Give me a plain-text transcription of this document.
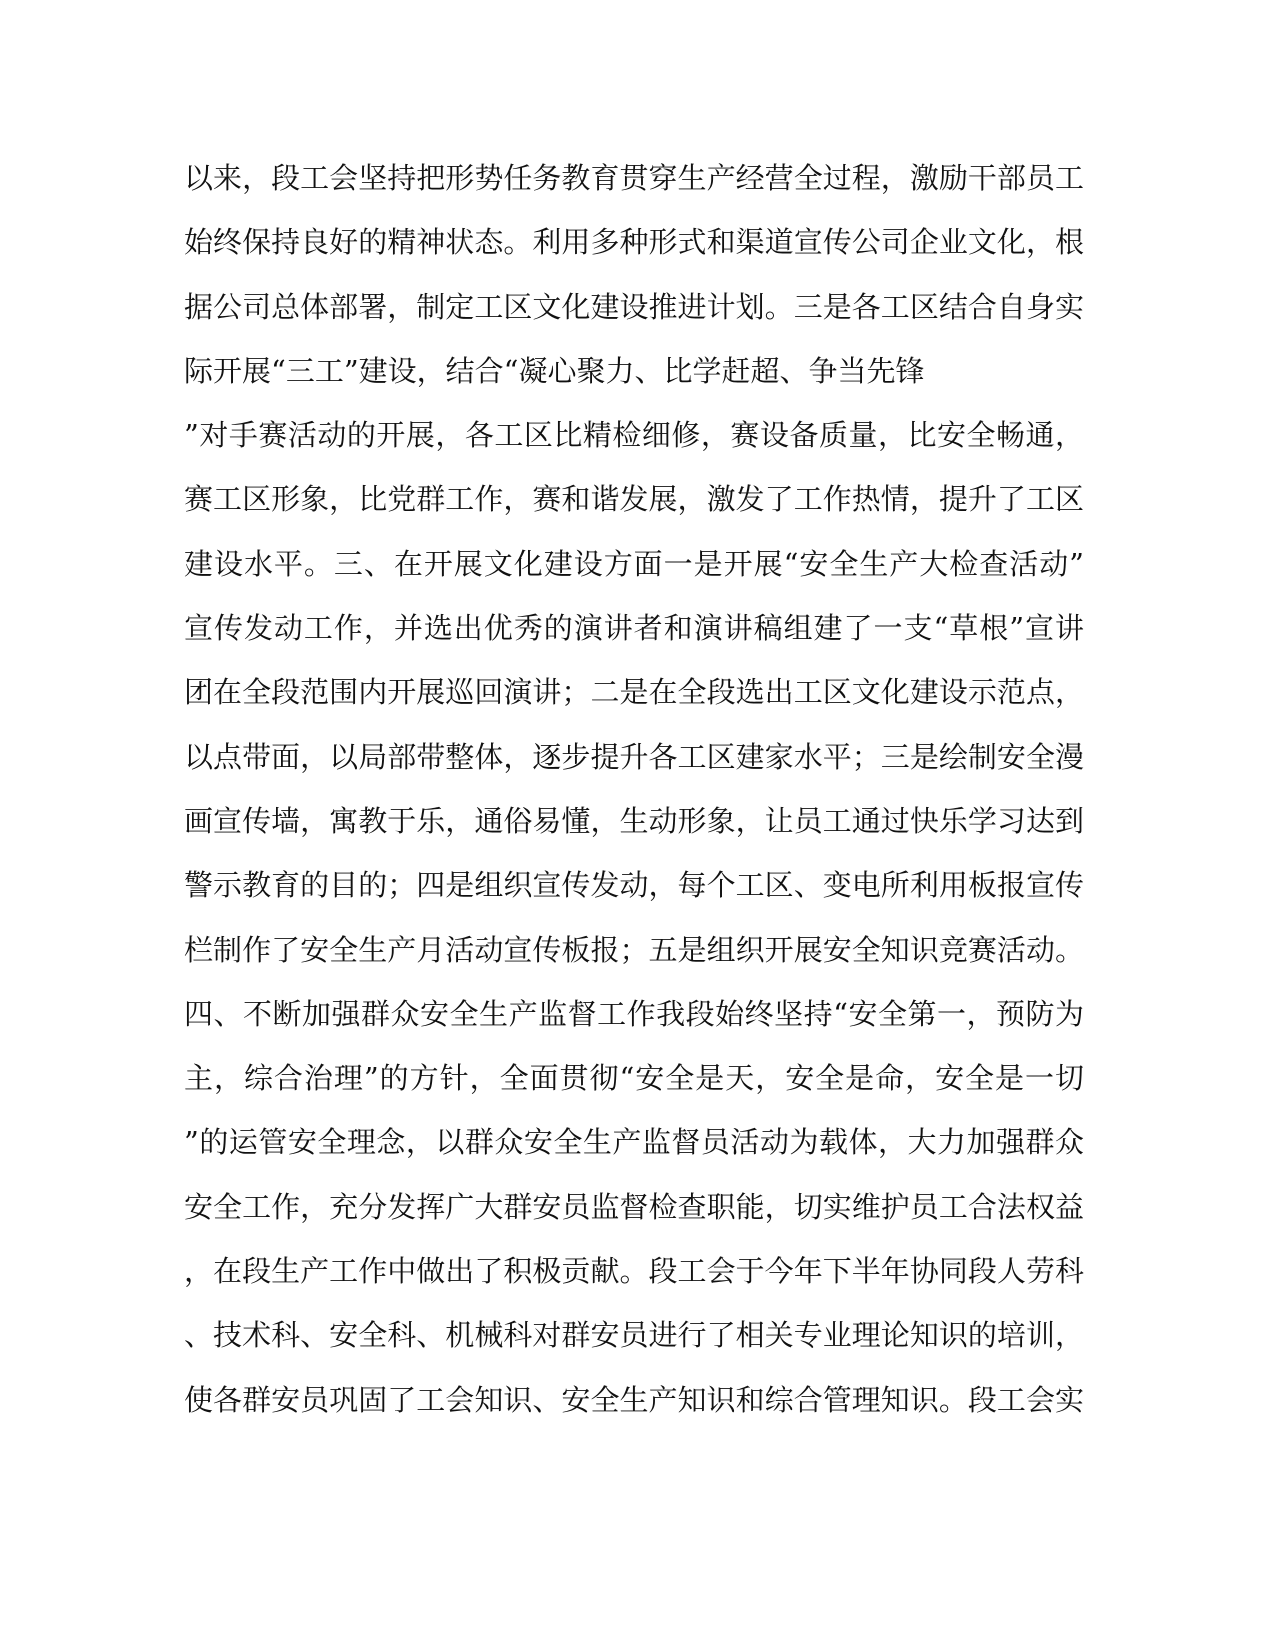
以来，段工会坚持把形势任务教育贯穿生产经营全过程，激励干部员工
始终保持良好的精神状态。利用多种形式和渠道宣传公司企业文化，根
据公司总体部署，制定工区文化建设推进计划。三是各工区结合自身实
际开展“三工”建设，结合“凝心聚力、比学赶超、争当先锋
”对手赛活动的开展，各工区比精检细修，赛设备质量，比安全畅通，
赛工区形象，比党群工作，赛和谐发展，激发了工作热情，提升了工区
建设水平。三、在开展文化建设方面一是开展“安全生产大检查活动”
宣传发动工作，并选出优秀的演讲者和演讲稿组建了一支“草根”宣讲
团在全段范围内开展巡回演讲；二是在全段选出工区文化建设示范点，
以点带面，以局部带整体，逐步提升各工区建家水平；三是绘制安全漫
画宣传墙，寓教于乐，通俗易懂，生动形象，让员工通过快乐学习达到
警示教育的目的；四是组织宣传发动，每个工区、变电所利用板报宣传
栏制作了安全生产月活动宣传板报；五是组织开展安全知识竞赛活动。
四、不断加强群众安全生产监督工作我段始终坚持“安全第一，预防为
主，综合治理”的方针，全面贯彻“安全是天，安全是命，安全是一切
”的运管安全理念，以群众安全生产监督员活动为载体，大力加强群众
安全工作，充分发挥广大群安员监督检查职能，切实维护员工合法权益
，在段生产工作中做出了积极贡献。段工会于今年下半年协同段人劳科
、技术科、安全科、机械科对群安员进行了相关专业理论知识的培训，
使各群安员巩固了工会知识、安全生产知识和综合管理知识。段工会实
